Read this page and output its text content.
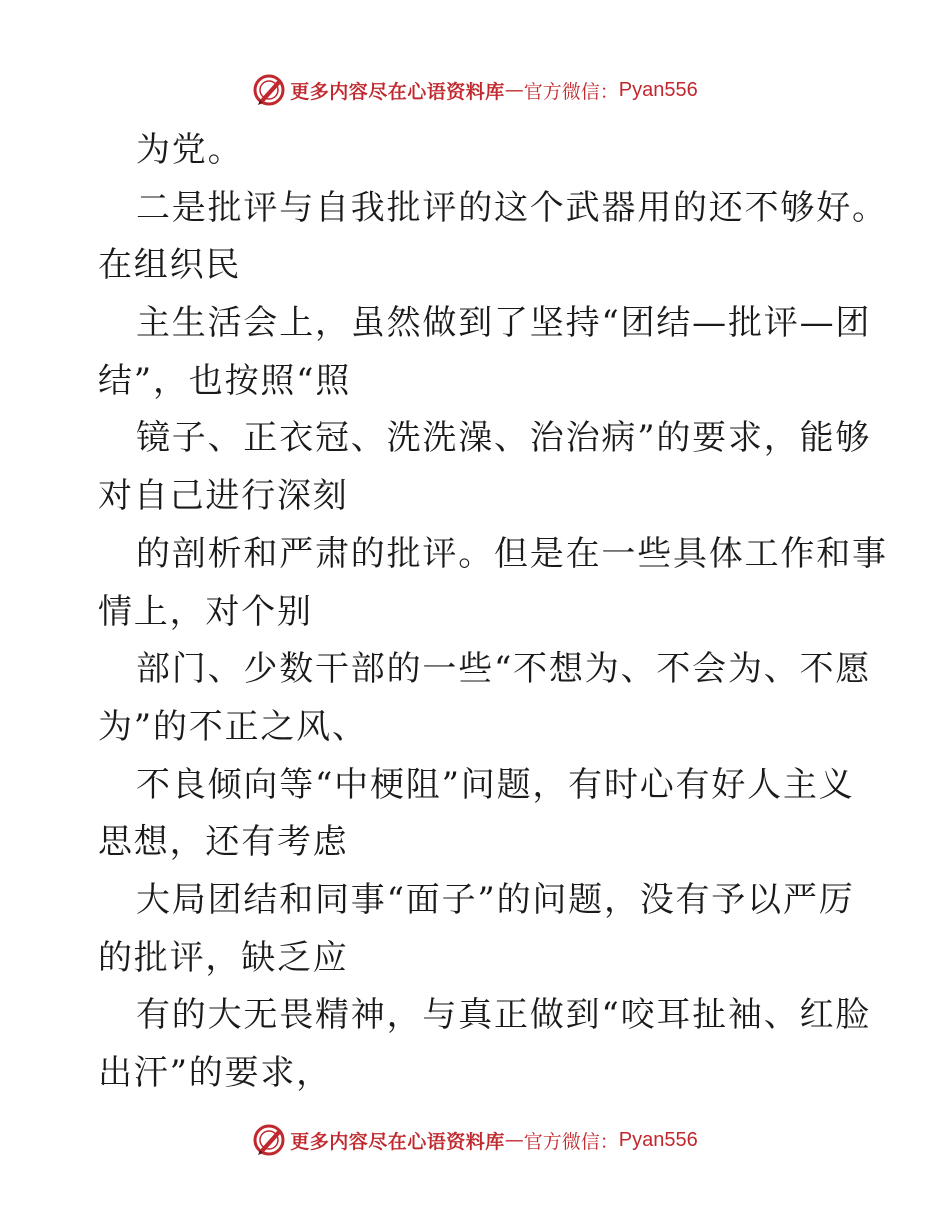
更多内容尽在心语资料库 — 官方微信： Pyan556
为党。
二是批评与自我批评的这个武器用的还不够好。
在组织民
主生活会上，虽然做到了坚持“团结—批评—团
结”，也按照“照
镜子、正衣冠、洗洗澡、治治病”的要求，能够
对自己进行深刻
的剖析和严肃的批评。但是在一些具体工作和事
情上，对个别
部门、少数干部的一些“不想为、不会为、不愿
为”的不正之风、
不良倾向等“中梗阻”问题，有时心有好人主义
思想，还有考虑
大局团结和同事“面子”的问题，没有予以严厉
的批评，缺乏应
有的大无畏精神，与真正做到“咬耳扯袖、红脸
出汗”的要求，
更多内容尽在心语资料库 — 官方微信： Pyan556
